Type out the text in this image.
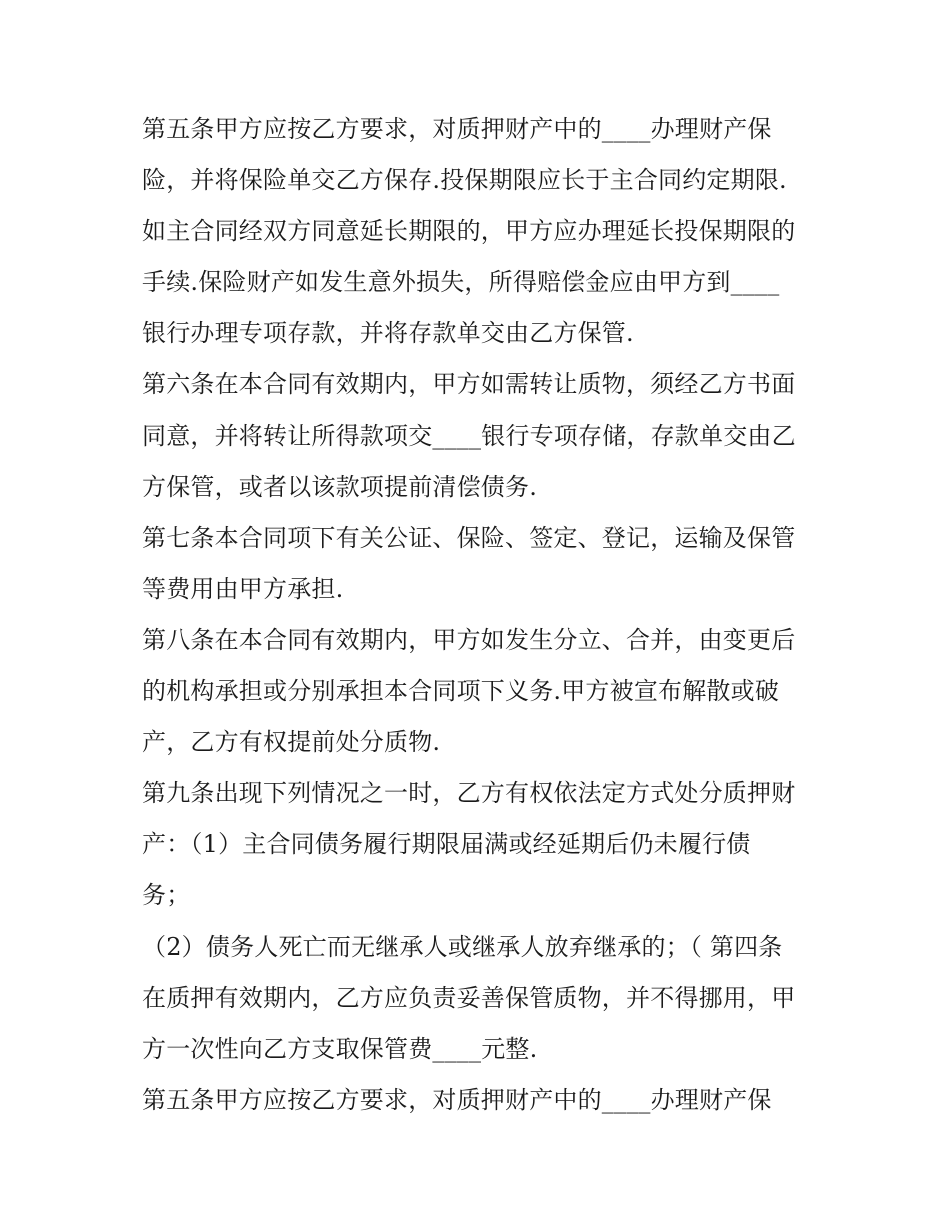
第五条甲方应按乙方要求，对质押财产中的____办理财产保
险，并将保险单交乙方保存.投保期限应长于主合同约定期限.
如主合同经双方同意延长期限的，甲方应办理延长投保期限的
手续.保险财产如发生意外损失，所得赔偿金应由甲方到____
银行办理专项存款，并将存款单交由乙方保管.
第六条在本合同有效期内，甲方如需转让质物，须经乙方书面
同意，并将转让所得款项交____银行专项存储，存款单交由乙
方保管，或者以该款项提前清偿债务.
第七条本合同项下有关公证、保险、签定、登记，运输及保管
等费用由甲方承担.
第八条在本合同有效期内，甲方如发生分立、合并，由变更后
的机构承担或分别承担本合同项下义务.甲方被宣布解散或破
产，乙方有权提前处分质物.
第九条出现下列情况之一时，乙方有权依法定方式处分质押财
产：（1）主合同债务履行期限届满或经延期后仍未履行债
务；
（2）债务人死亡而无继承人或继承人放弃继承的；（ 第四条
在质押有效期内，乙方应负责妥善保管质物，并不得挪用，甲
方一次性向乙方支取保管费____元整.
第五条甲方应按乙方要求，对质押财产中的____办理财产保
